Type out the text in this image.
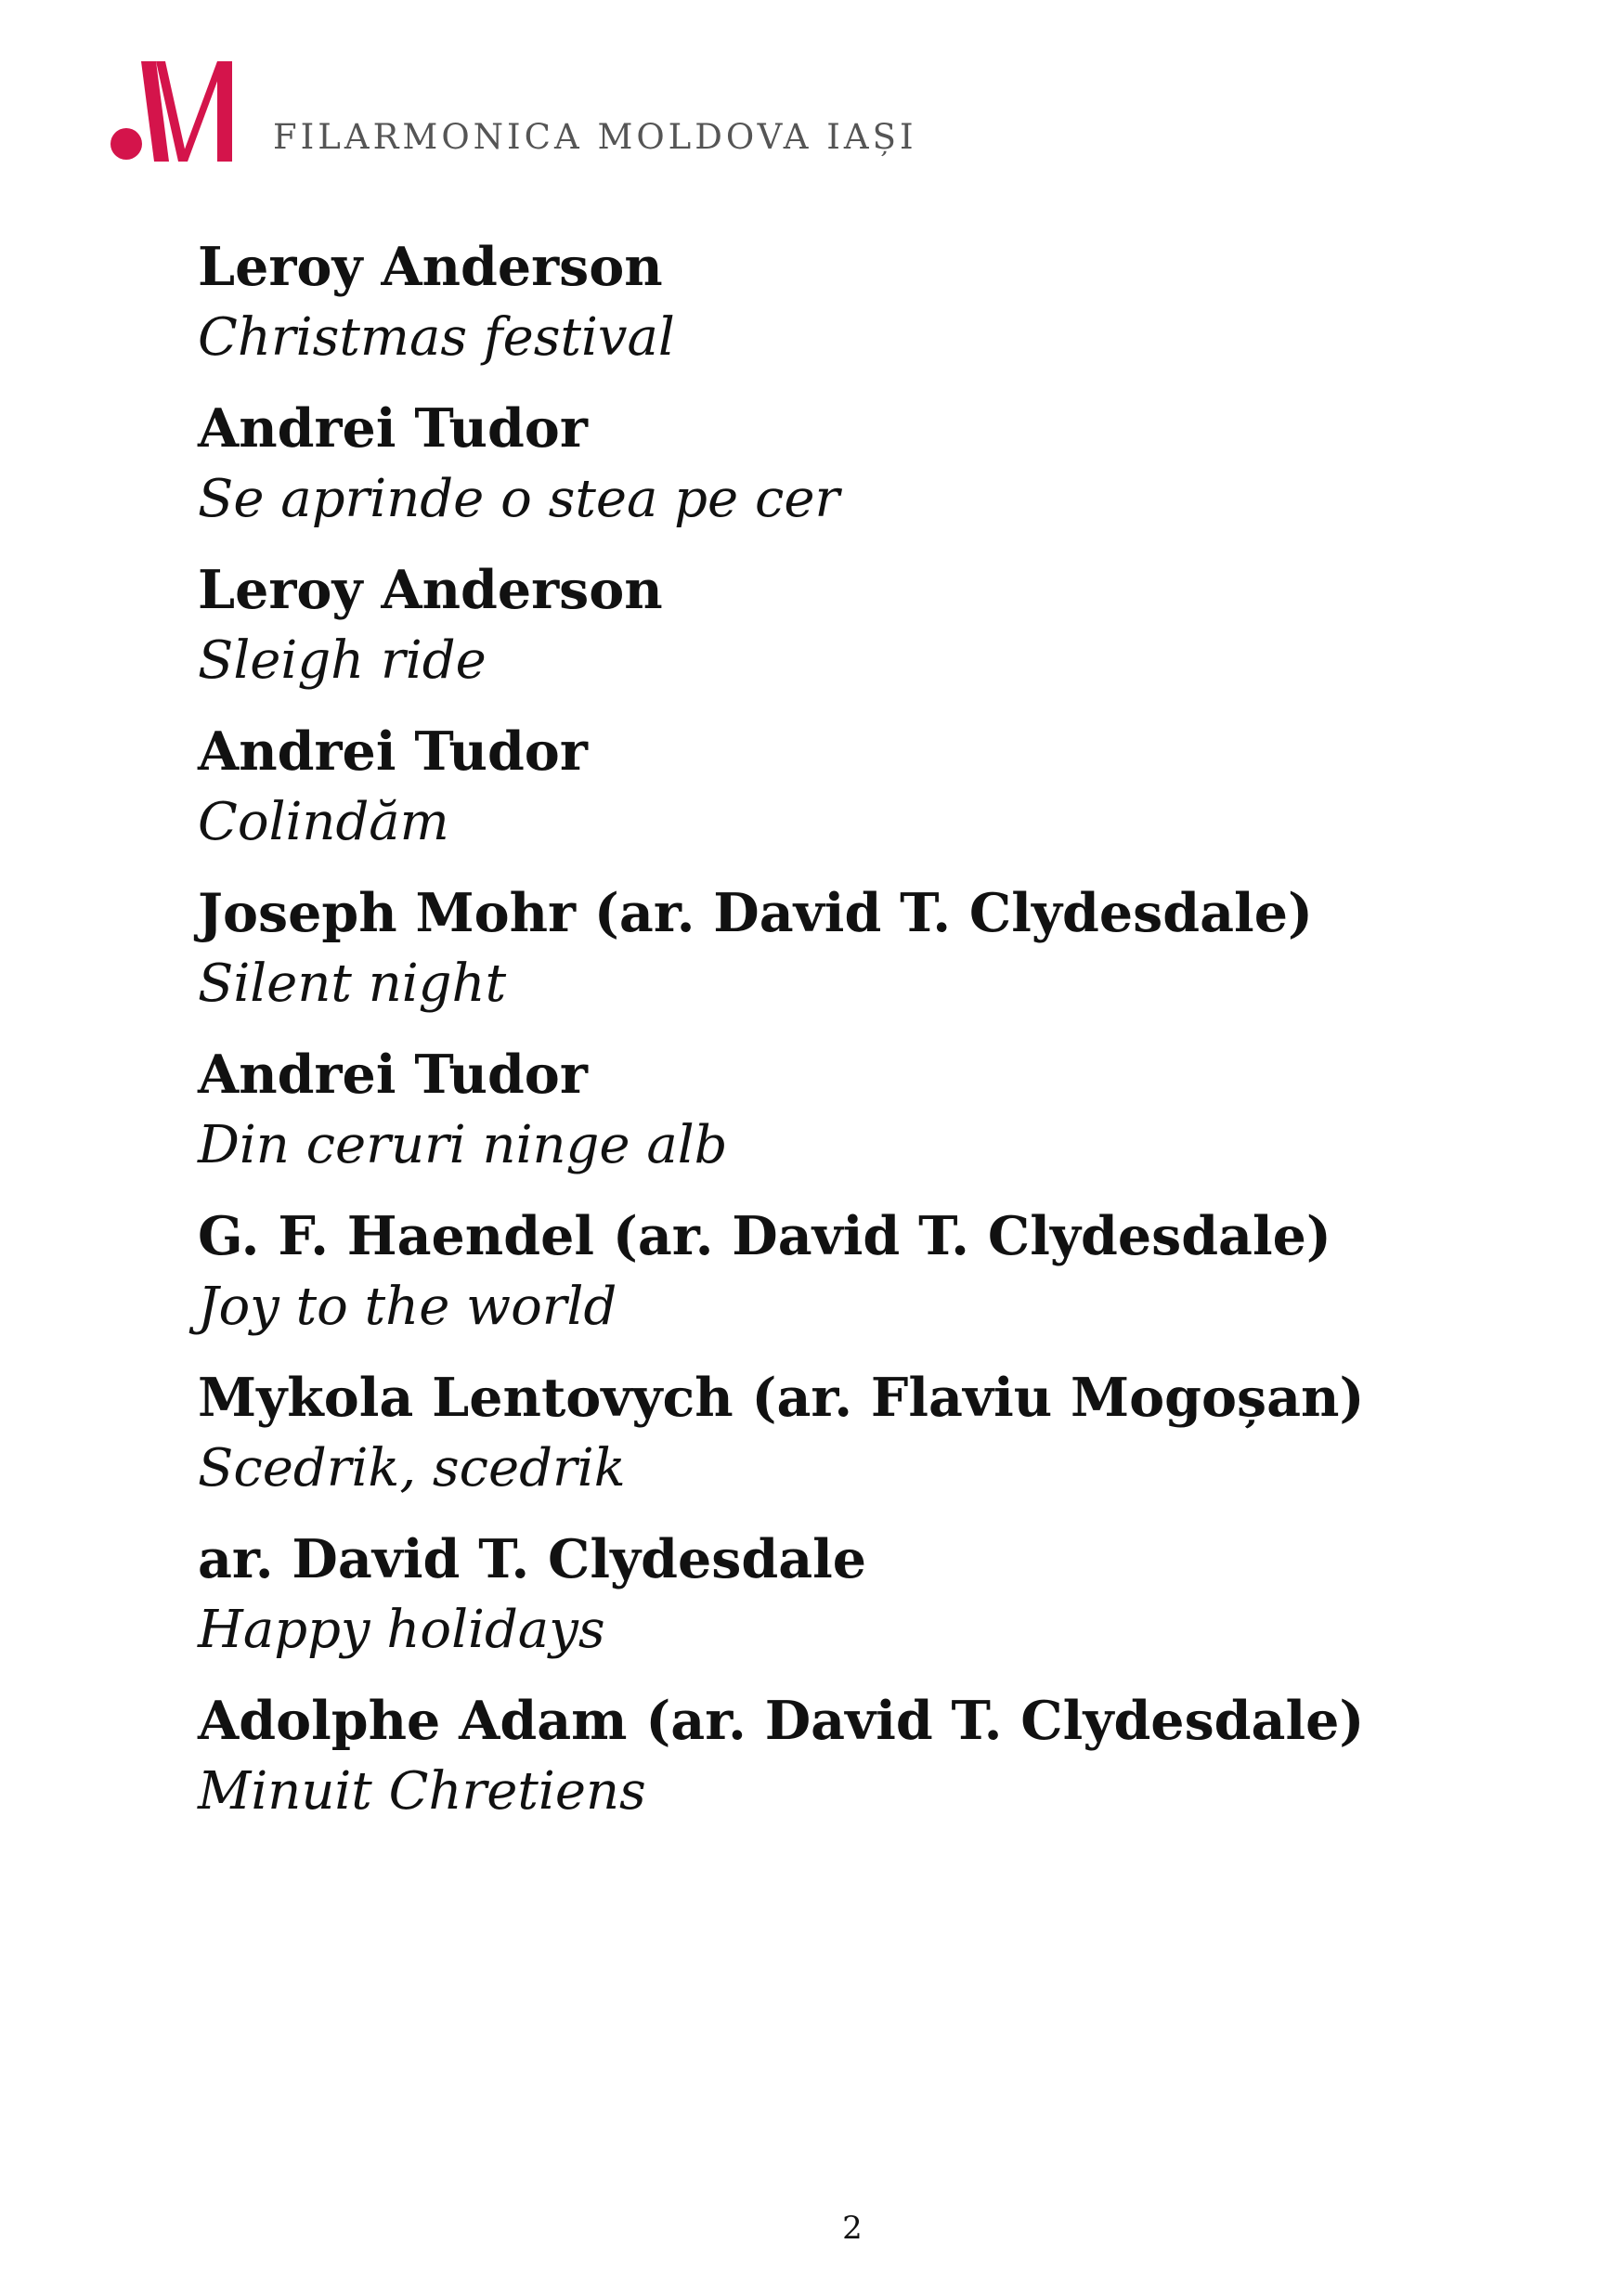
FILARMONICA MOLDOVA IAȘI
Leroy Anderson
Christmas festival
Andrei Tudor
Se aprinde o stea pe cer
Leroy Anderson
Sleigh ride
Andrei Tudor
Colindăm
Joseph Mohr (ar. David T. Clydesdale)
Silent night
Andrei Tudor
Din ceruri ninge alb
G. F. Haendel (ar. David T. Clydesdale)
Joy to the world
Mykola Lentovych (ar. Flaviu Mogoșan)
Scedrik, scedrik
ar. David T. Clydesdale
Happy holidays
Adolphe Adam (ar. David T. Clydesdale)
Minuit Chretiens
2
